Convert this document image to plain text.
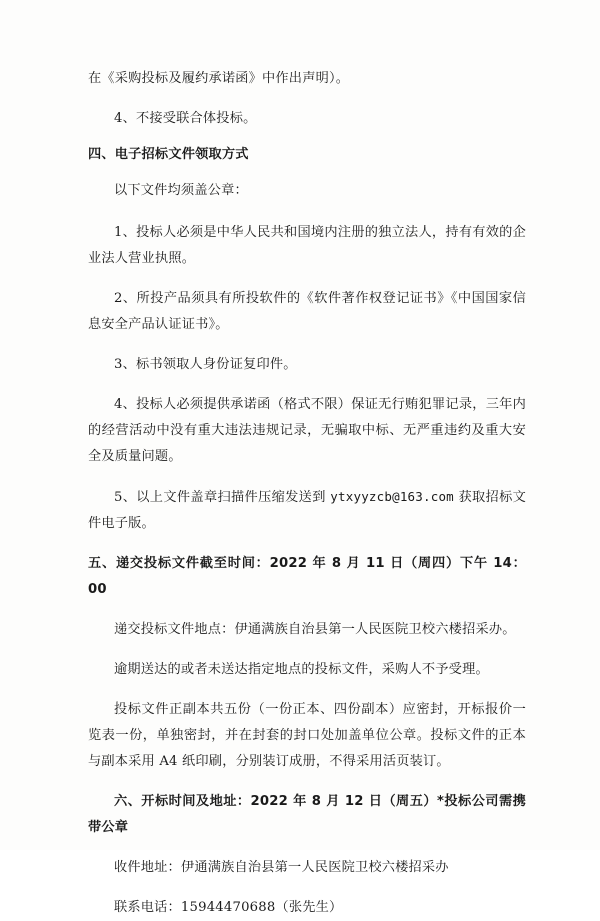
在《采购投标及履约承诺函》中作出声明）。

4、不接受联合体投标。

四、电子招标文件领取方式

以下文件均须盖公章：

1、投标人必须是中华人民共和国境内注册的独立法人，持有有效的企业法人营业执照。

2、所投产品须具有所投软件的《软件著作权登记证书》《中国国家信息安全产品认证证书》。

3、标书领取人身份证复印件。

4、投标人必须提供承诺函（格式不限）保证无行贿犯罪记录，三年内的经营活动中没有重大违法违规记录，无骗取中标、无严重违约及重大安全及质量问题。

5、以上文件盖章扫描件压缩发送到 ytxyyzcb@163.com 获取招标文件电子版。

五、递交投标文件截至时间：2022 年 8 月 11 日（周四）下午 14：00

递交投标文件地点：伊通满族自治县第一人民医院卫校六楼招采办。

逾期送达的或者未送达指定地点的投标文件，采购人不予受理。

投标文件正副本共五份（一份正本、四份副本）应密封，开标报价一览表一份，单独密封，并在封套的封口处加盖单位公章。投标文件的正本与副本采用 A4 纸印刷，分别装订成册，不得采用活页装订。

六、开标时间及地址：2022 年 8 月 12 日（周五）*投标公司需携带公章

收件地址：伊通满族自治县第一人民医院卫校六楼招采办

联系电话：15944470688（张先生）
